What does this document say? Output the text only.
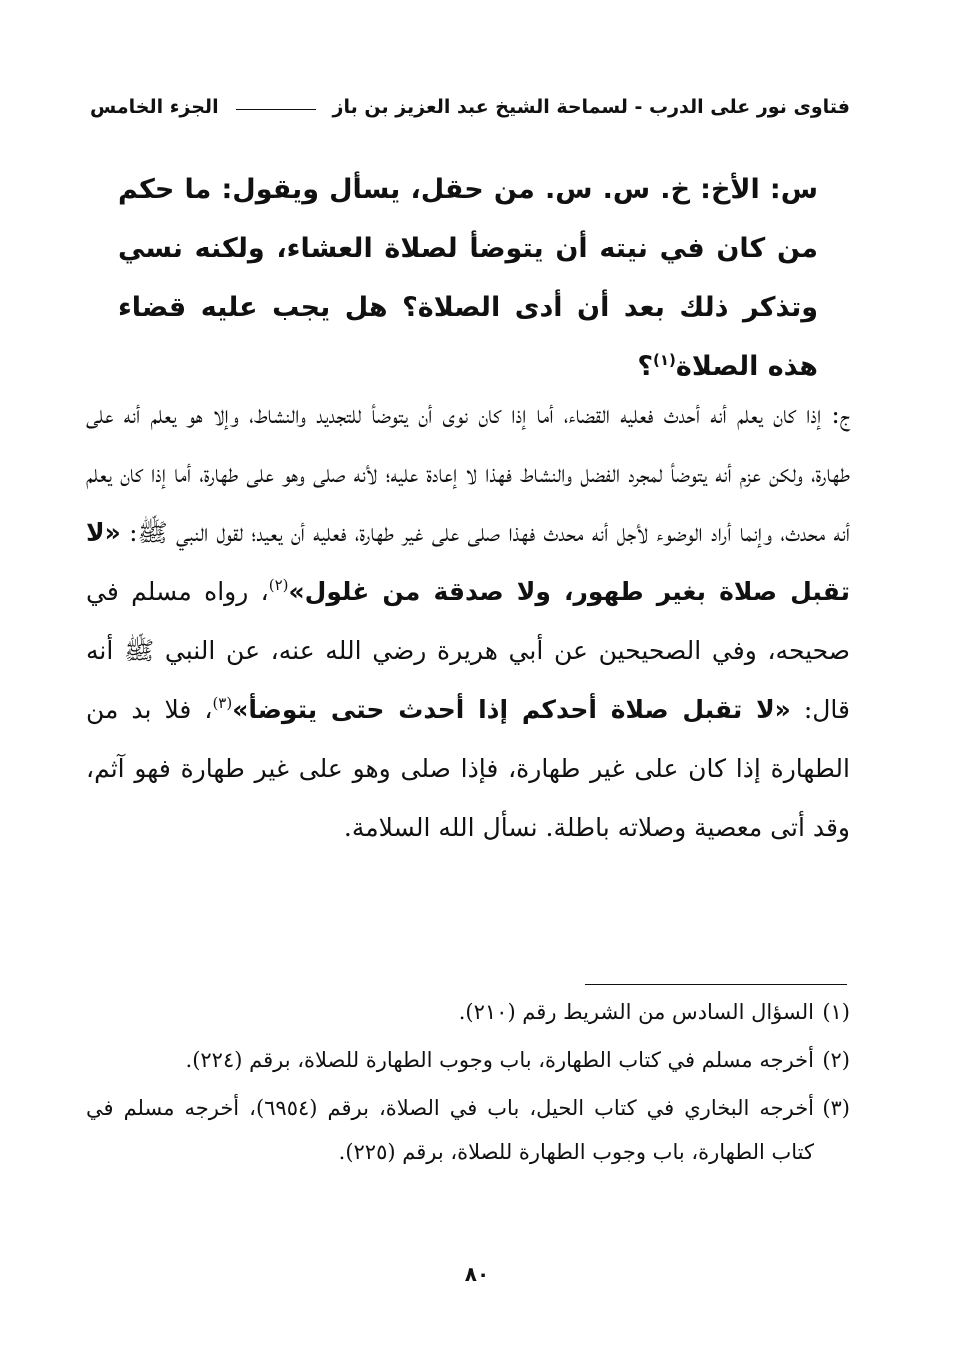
فتاوى نور على الدرب - لسماحة الشيخ عبد العزيز بن باز
الجزء الخامس
س: الأخ: خ. س. س. من حقل، يسأل ويقول: ما حكم من كان في نيته أن يتوضأ لصلاة العشاء، ولكنه نسي وتذكر ذلك بعد أن أدى الصلاة؟ هل يجب عليه قضاء هذه الصلاة$^{(١)}$؟
ج: إذا كان يعلم أنه أحدث فعليه القضاء، أما إذا كان نوى أن يتوضأ للتجديد والنشاط، وإلا هو يعلم أنه على طهارة، ولكن عزم أنه يتوضأ لمجرد الفضل والنشاط فهذا لا إعادة عليه؛ لأنه صلى وهو على طهارة، أما إذا كان يعلم أنه محدث، وإنما أراد الوضوء لأجل أنه محدث فهذا صلى على غير طهارة، فعليه أن يعيد؛ لقول النبي ﷺ: «لا تقبل صلاة بغير طهور، ولا صدقة من غلول»$^{(٢)}$، رواه مسلم في صحيحه، وفي الصحيحين عن أبي هريرة رضي الله عنه، عن النبي ﷺ أنه قال: «لا تقبل صلاة أحدكم إذا أحدث حتى يتوضأ»$^{(٣)}$، فلا بد من الطهارة إذا كان على غير طهارة، فإذا صلى وهو على غير طهارة فهو آثم، وقد أتى معصية وصلاته باطلة. نسأل الله السلامة.
(١)
السؤال السادس من الشريط رقم (٢١٠).
(٢)
أخرجه مسلم في كتاب الطهارة، باب وجوب الطهارة للصلاة، برقم (٢٢٤).
(٣)
أخرجه البخاري في كتاب الحيل، باب في الصلاة، برقم (٦٩٥٤)، أخرجه مسلم في كتاب الطهارة، باب وجوب الطهارة للصلاة، برقم (٢٢٥).
٨٠
